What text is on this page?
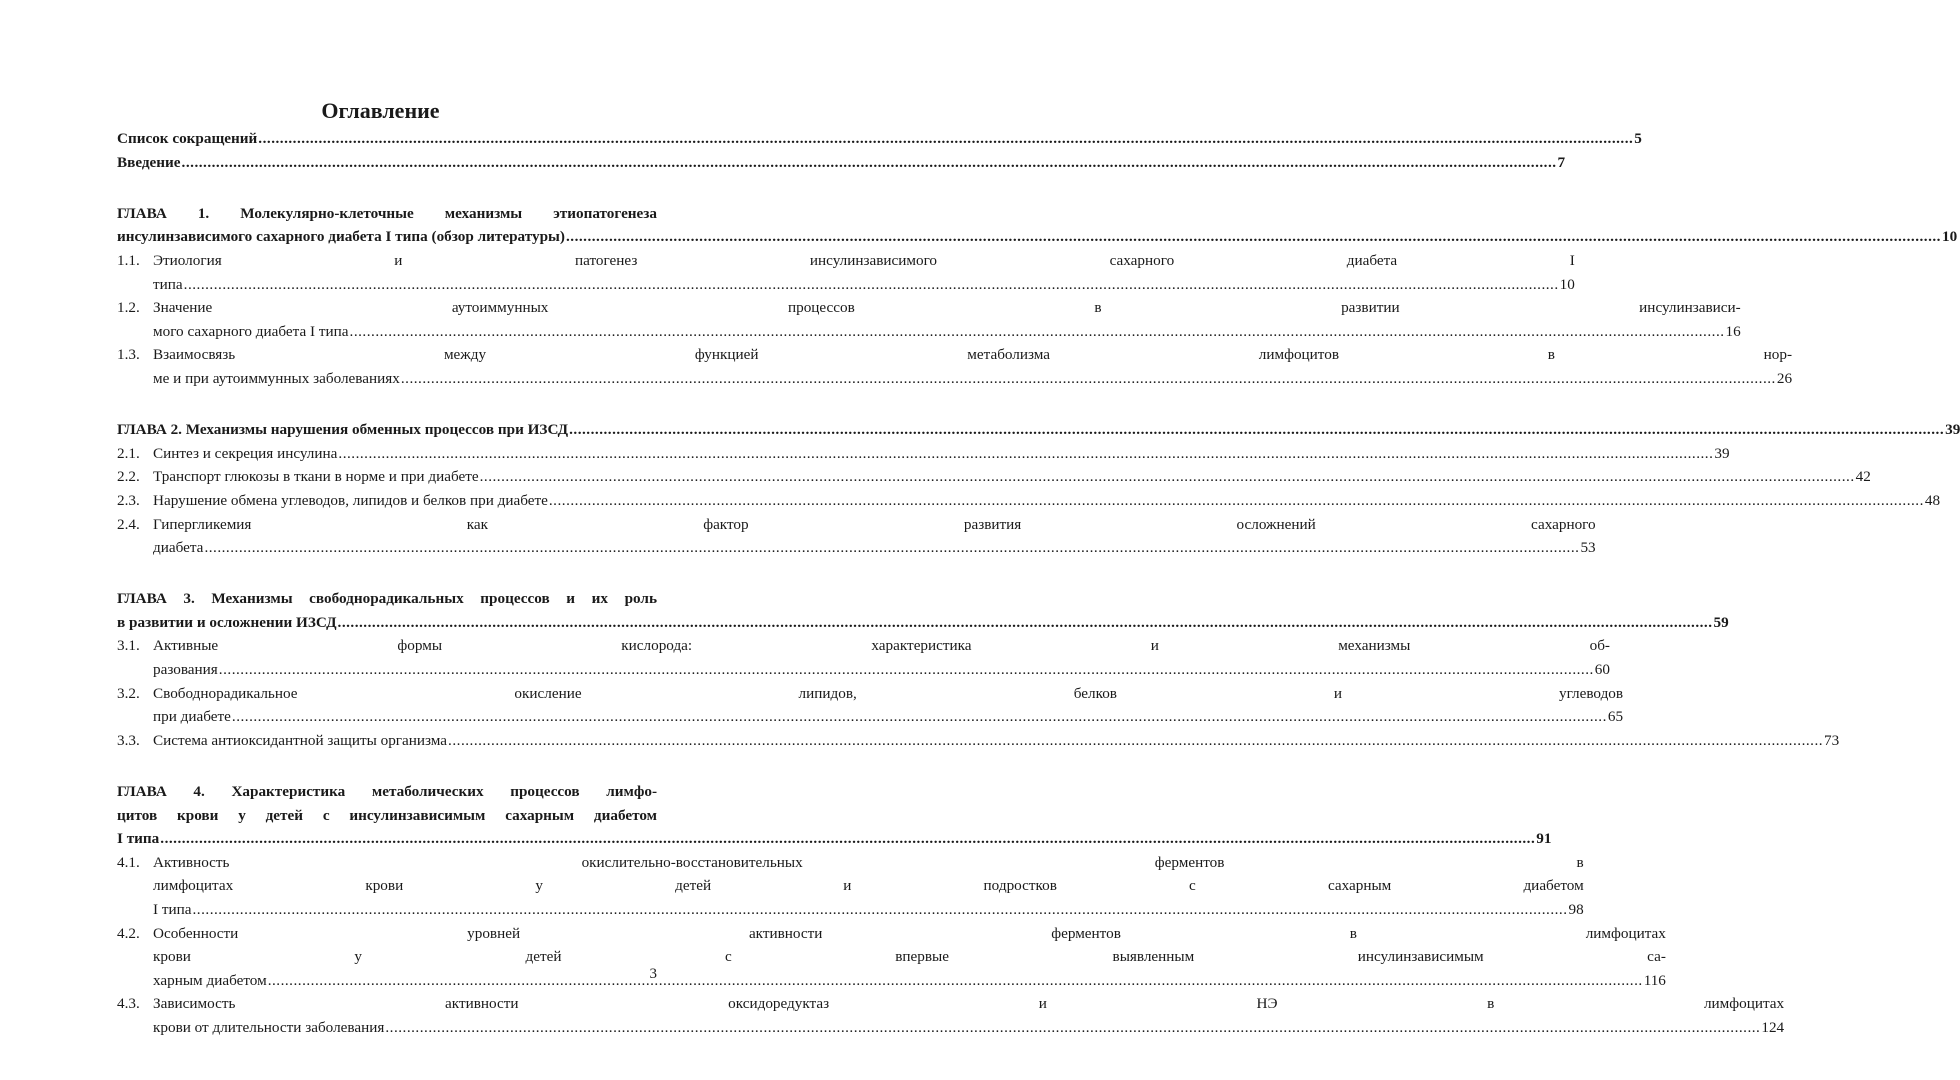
Оглавление
Список сокращений .....	5
Введение .....	7
ГЛАВА 1. Молекулярно-клеточные механизмы этиопатогенеза
инсулинзависимого сахарного диабета I типа (обзор литературы) .....	10
1.1. Этиология и патогенез инсулинзависимого сахарного диабета I
типа .....	10
1.2. Значение аутоиммунных процессов в развитии инсулинзависи-
мого сахарного диабета I типа .....	16
1.3. Взаимосвязь между функцией метаболизма лимфоцитов в нор-
ме и при аутоиммунных заболеваниях .....	26
ГЛАВА 2. Механизмы нарушения обменных процессов при ИЗСД .....	39
2.1. Синтез и секреция инсулина .....	39
2.2. Транспорт глюкозы в ткани в норме и при диабете .....	42
2.3. Нарушение обмена углеводов, липидов и белков при диабете .....	48
2.4. Гипергликемия как фактор развития осложнений сахарного
диабета .....	53
ГЛАВА 3. Механизмы свободнорадикальных процессов и их роль
в развитии и осложнении ИЗСД .....	59
3.1. Активные формы кислорода: характеристика и механизмы об-
разования .....	60
3.2. Свободнорадикальное окисление липидов, белков и углеводов
при диабете .....	65
3.3. Система антиоксидантной защиты организма .....	73
ГЛАВА 4. Характеристика метаболических процессов лимфо-
цитов крови у детей с инсулинзависимым сахарным диабетом
I типа .....	91
4.1. Активность окислительно-восстановительных ферментов в
лимфоцитах крови у детей и подростков с сахарным диабетом
I типа .....	98
4.2. Особенности уровней активности ферментов в лимфоцитах
крови у детей с впервые выявленным инсулинзависимым са-
харным диабетом .....	116
4.3. Зависимость активности оксидоредуктаз и НЭ в лимфоцитах
крови от длительности заболевания .....	124
3
